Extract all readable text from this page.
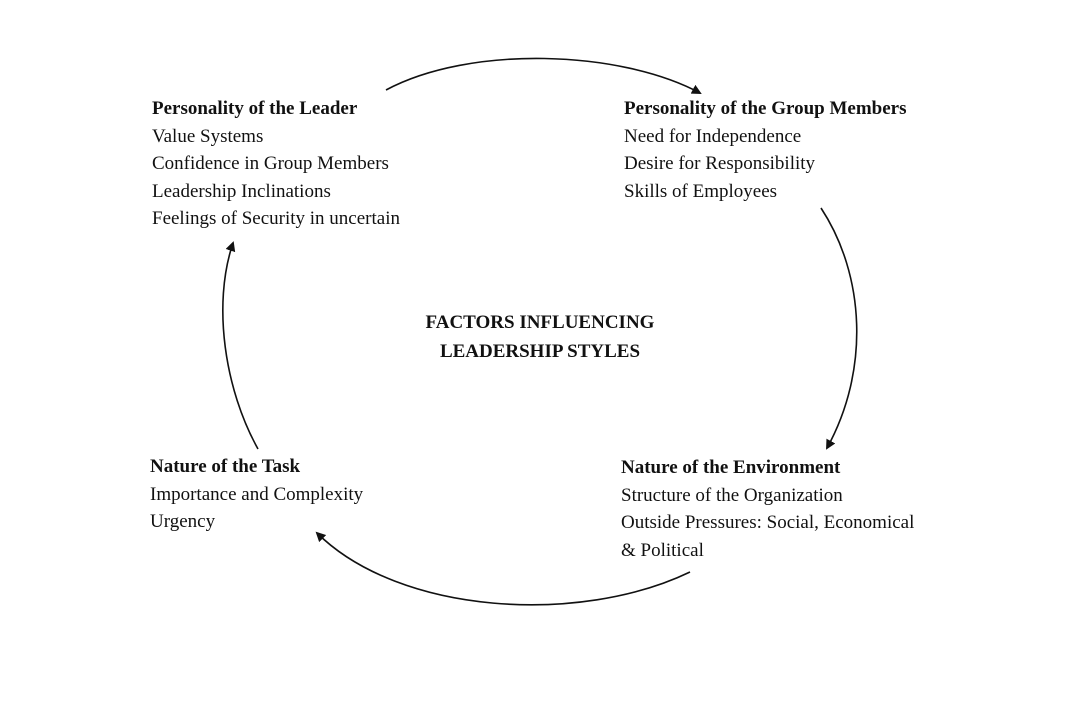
Personality of the Leader
Value Systems
Confidence in Group Members
Leadership Inclinations
Feelings of Security in uncertain
Personality of the Group Members
Need for Independence
Desire for Responsibility
Skills of Employees
FACTORS INFLUENCING
LEADERSHIP STYLES
Nature of the Task
Importance and Complexity
Urgency
Nature of the Environment
Structure of the Organization
Outside Pressures: Social, Economical
& Political
